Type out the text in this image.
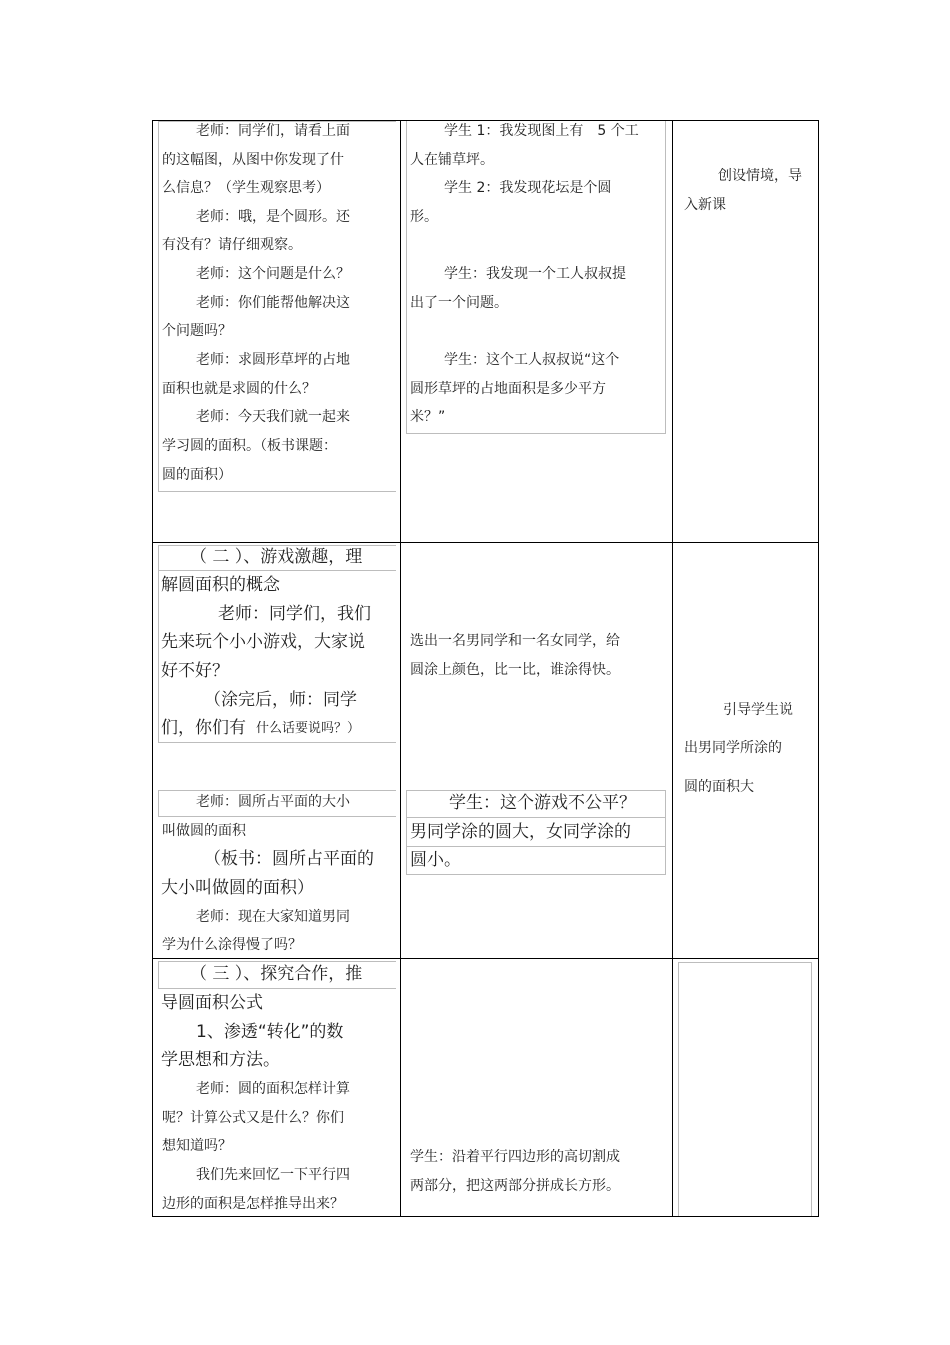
老师：同学们，请看上面
的这幅图，从图中你发现了什
么信息？（学生观察思考）
老师：哦，是个圆形。还
有没有？请仔细观察。
老师：这个问题是什么？
老师：你们能帮他解决这
个问题吗？
老师：求圆形草坪的占地
面积也就是求圆的什么？
老师：今天我们就一起来
学习圆的面积。（板书课题：
圆的面积）
学生 1：我发现图上有　5 个工
人在铺草坪。
学生 2：我发现花坛是个圆
形。
学生：我发现一个工人叔叔提
出了一个问题。
学生：这个工人叔叔说“这个
圆形草坪的占地面积是多少平方
米？”
创设情境，导
入新课
（ 二 ）、游戏激趣，理
解圆面积的概念
老师：同学们，我们
先来玩个小小游戏，大家说
好不好？
（涂完后，师：同学
们，你们有 什么话要说吗？）
老师：圆所占平面的大小
叫做圆的面积
（板书：圆所占平面的
大小叫做圆的面积）
老师：现在大家知道男同
学为什么涂得慢了吗？
选出一名男同学和一名女同学，给
圆涂上颜色，比一比，谁涂得快。
学生：这个游戏不公平？
男同学涂的圆大，女同学涂的
圆小。
引导学生说
出男同学所涂的
圆的面积大
（ 三 ）、探究合作，推
导圆面积公式
1、渗透“转化”的数
学思想和方法。
老师：圆的面积怎样计算
呢？计算公式又是什么？你们
想知道吗？
我们先来回忆一下平行四
边形的面积是怎样推导出来？
学生：沿着平行四边形的高切割成
两部分，把这两部分拼成长方形。
